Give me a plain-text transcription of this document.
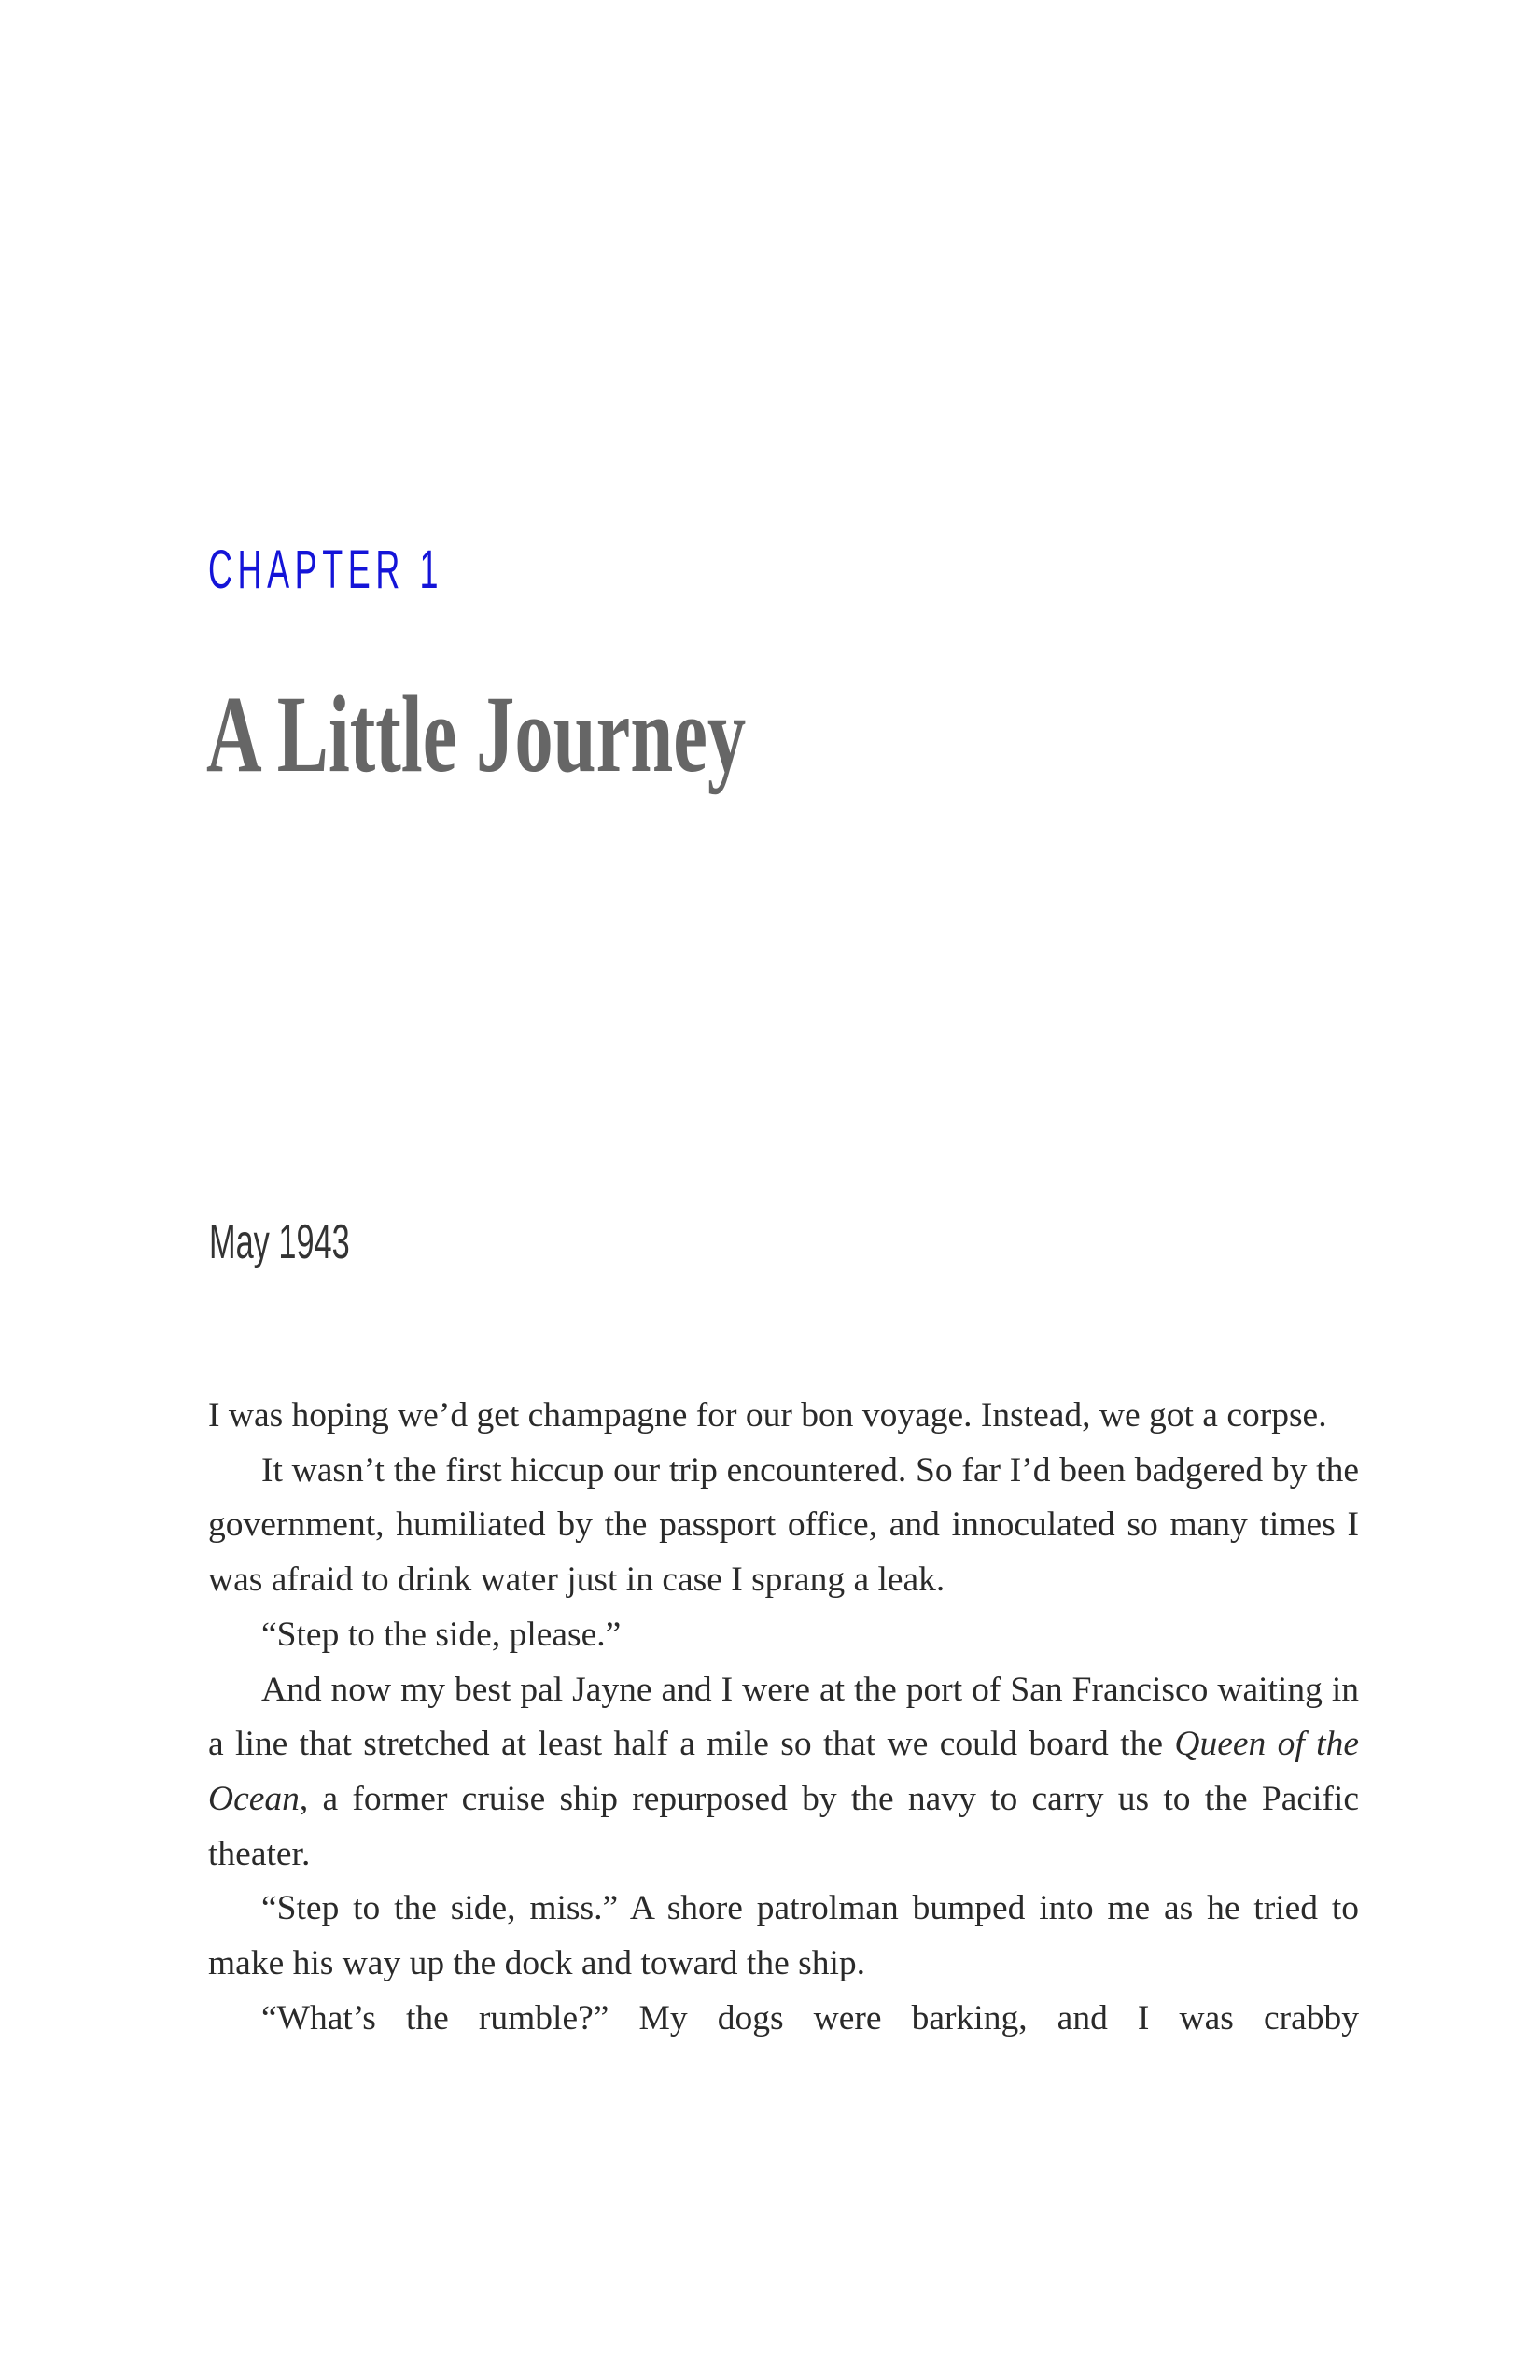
CHAPTER 1
A Little Journey
May 1943

I was hoping we’d get champagne for our bon voyage. Instead, we got a corpse.

It wasn’t the first hiccup our trip encountered. So far I’d been badgered by the government, humiliated by the passport office, and innoculated so many times I was afraid to drink water just in case I sprang a leak.

“Step to the side, please.”

And now my best pal Jayne and I were at the port of San Francisco waiting in a line that stretched at least half a mile so that we could board the Queen of the Ocean, a former cruise ship repurposed by the navy to carry us to the Pacific theater.

“Step to the side, miss.” A shore patrolman bumped into me as he tried to make his way up the dock and toward the ship.

“What’s the rumble?” My dogs were barking, and I was crabby
